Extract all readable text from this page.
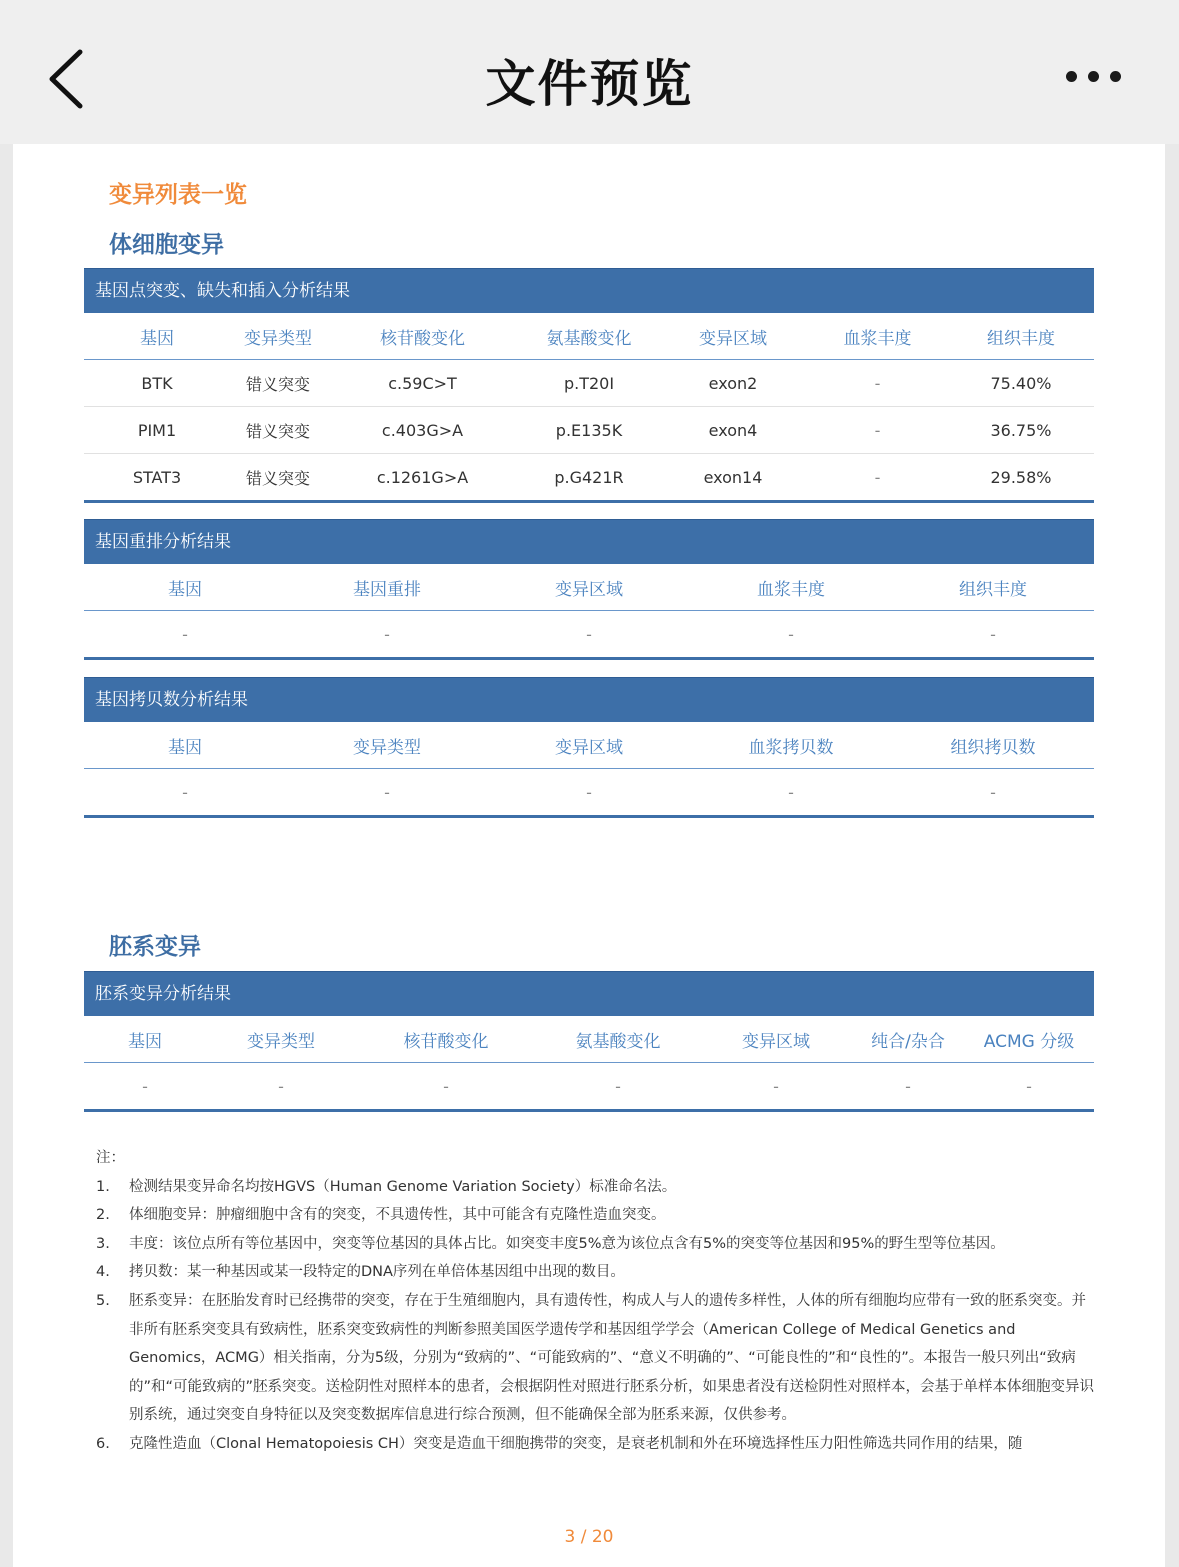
文件预览
变异列表一览
体细胞变异
基因点突变、缺失和插入分析结果
基因	变异类型	核苷酸变化	氨基酸变化	变异区域	血浆丰度	组织丰度
BTK	错义突变	c.59C>T	p.T20I	exon2	-	75.40%
PIM1	错义突变	c.403G>A	p.E135K	exon4	-	36.75%
STAT3	错义突变	c.1261G>A	p.G421R	exon14	-	29.58%
基因重排分析结果
基因	基因重排	变异区域	血浆丰度	组织丰度
-	-	-	-	-
基因拷贝数分析结果
基因	变异类型	变异区域	血浆拷贝数	组织拷贝数
-	-	-	-	-
胚系变异
胚系变异分析结果
基因	变异类型	核苷酸变化	氨基酸变化	变异区域	纯合/杂合	ACMG 分级
-	-	-	-	-	-	-
注：
1.	检测结果变异命名均按HGVS（Human Genome Variation Society）标准命名法。
2.	体细胞变异：肿瘤细胞中含有的突变，不具遗传性，其中可能含有克隆性造血突变。
3.	丰度：该位点所有等位基因中，突变等位基因的具体占比。如突变丰度5%意为该位点含有5%的突变等位基因和95%的野生型等位基因。
4.	拷贝数：某一种基因或某一段特定的DNA序列在单倍体基因组中出现的数目。
5.	胚系变异：在胚胎发育时已经携带的突变，存在于生殖细胞内，具有遗传性，构成人与人的遗传多样性，人体的所有细胞均应带有一致的胚系突变。并非所有胚系突变具有致病性，胚系突变致病性的判断参照美国医学遗传学和基因组学学会（American College of Medical Genetics and Genomics，ACMG）相关指南，分为5级，分别为“致病的”、“可能致病的”、“意义不明确的”、“可能良性的”和“良性的”。本报告一般只列出“致病的”和“可能致病的”胚系突变。送检阴性对照样本的患者，会根据阴性对照进行胚系分析，如果患者没有送检阴性对照样本，会基于单样本体细胞变异识别系统，通过突变自身特征以及突变数据库信息进行综合预测，但不能确保全部为胚系来源，仅供参考。
6.	克隆性造血（Clonal Hematopoiesis CH）突变是造血干细胞携带的突变，是衰老机制和外在环境选择性压力阳性筛选共同作用的结果，随
3 / 20
